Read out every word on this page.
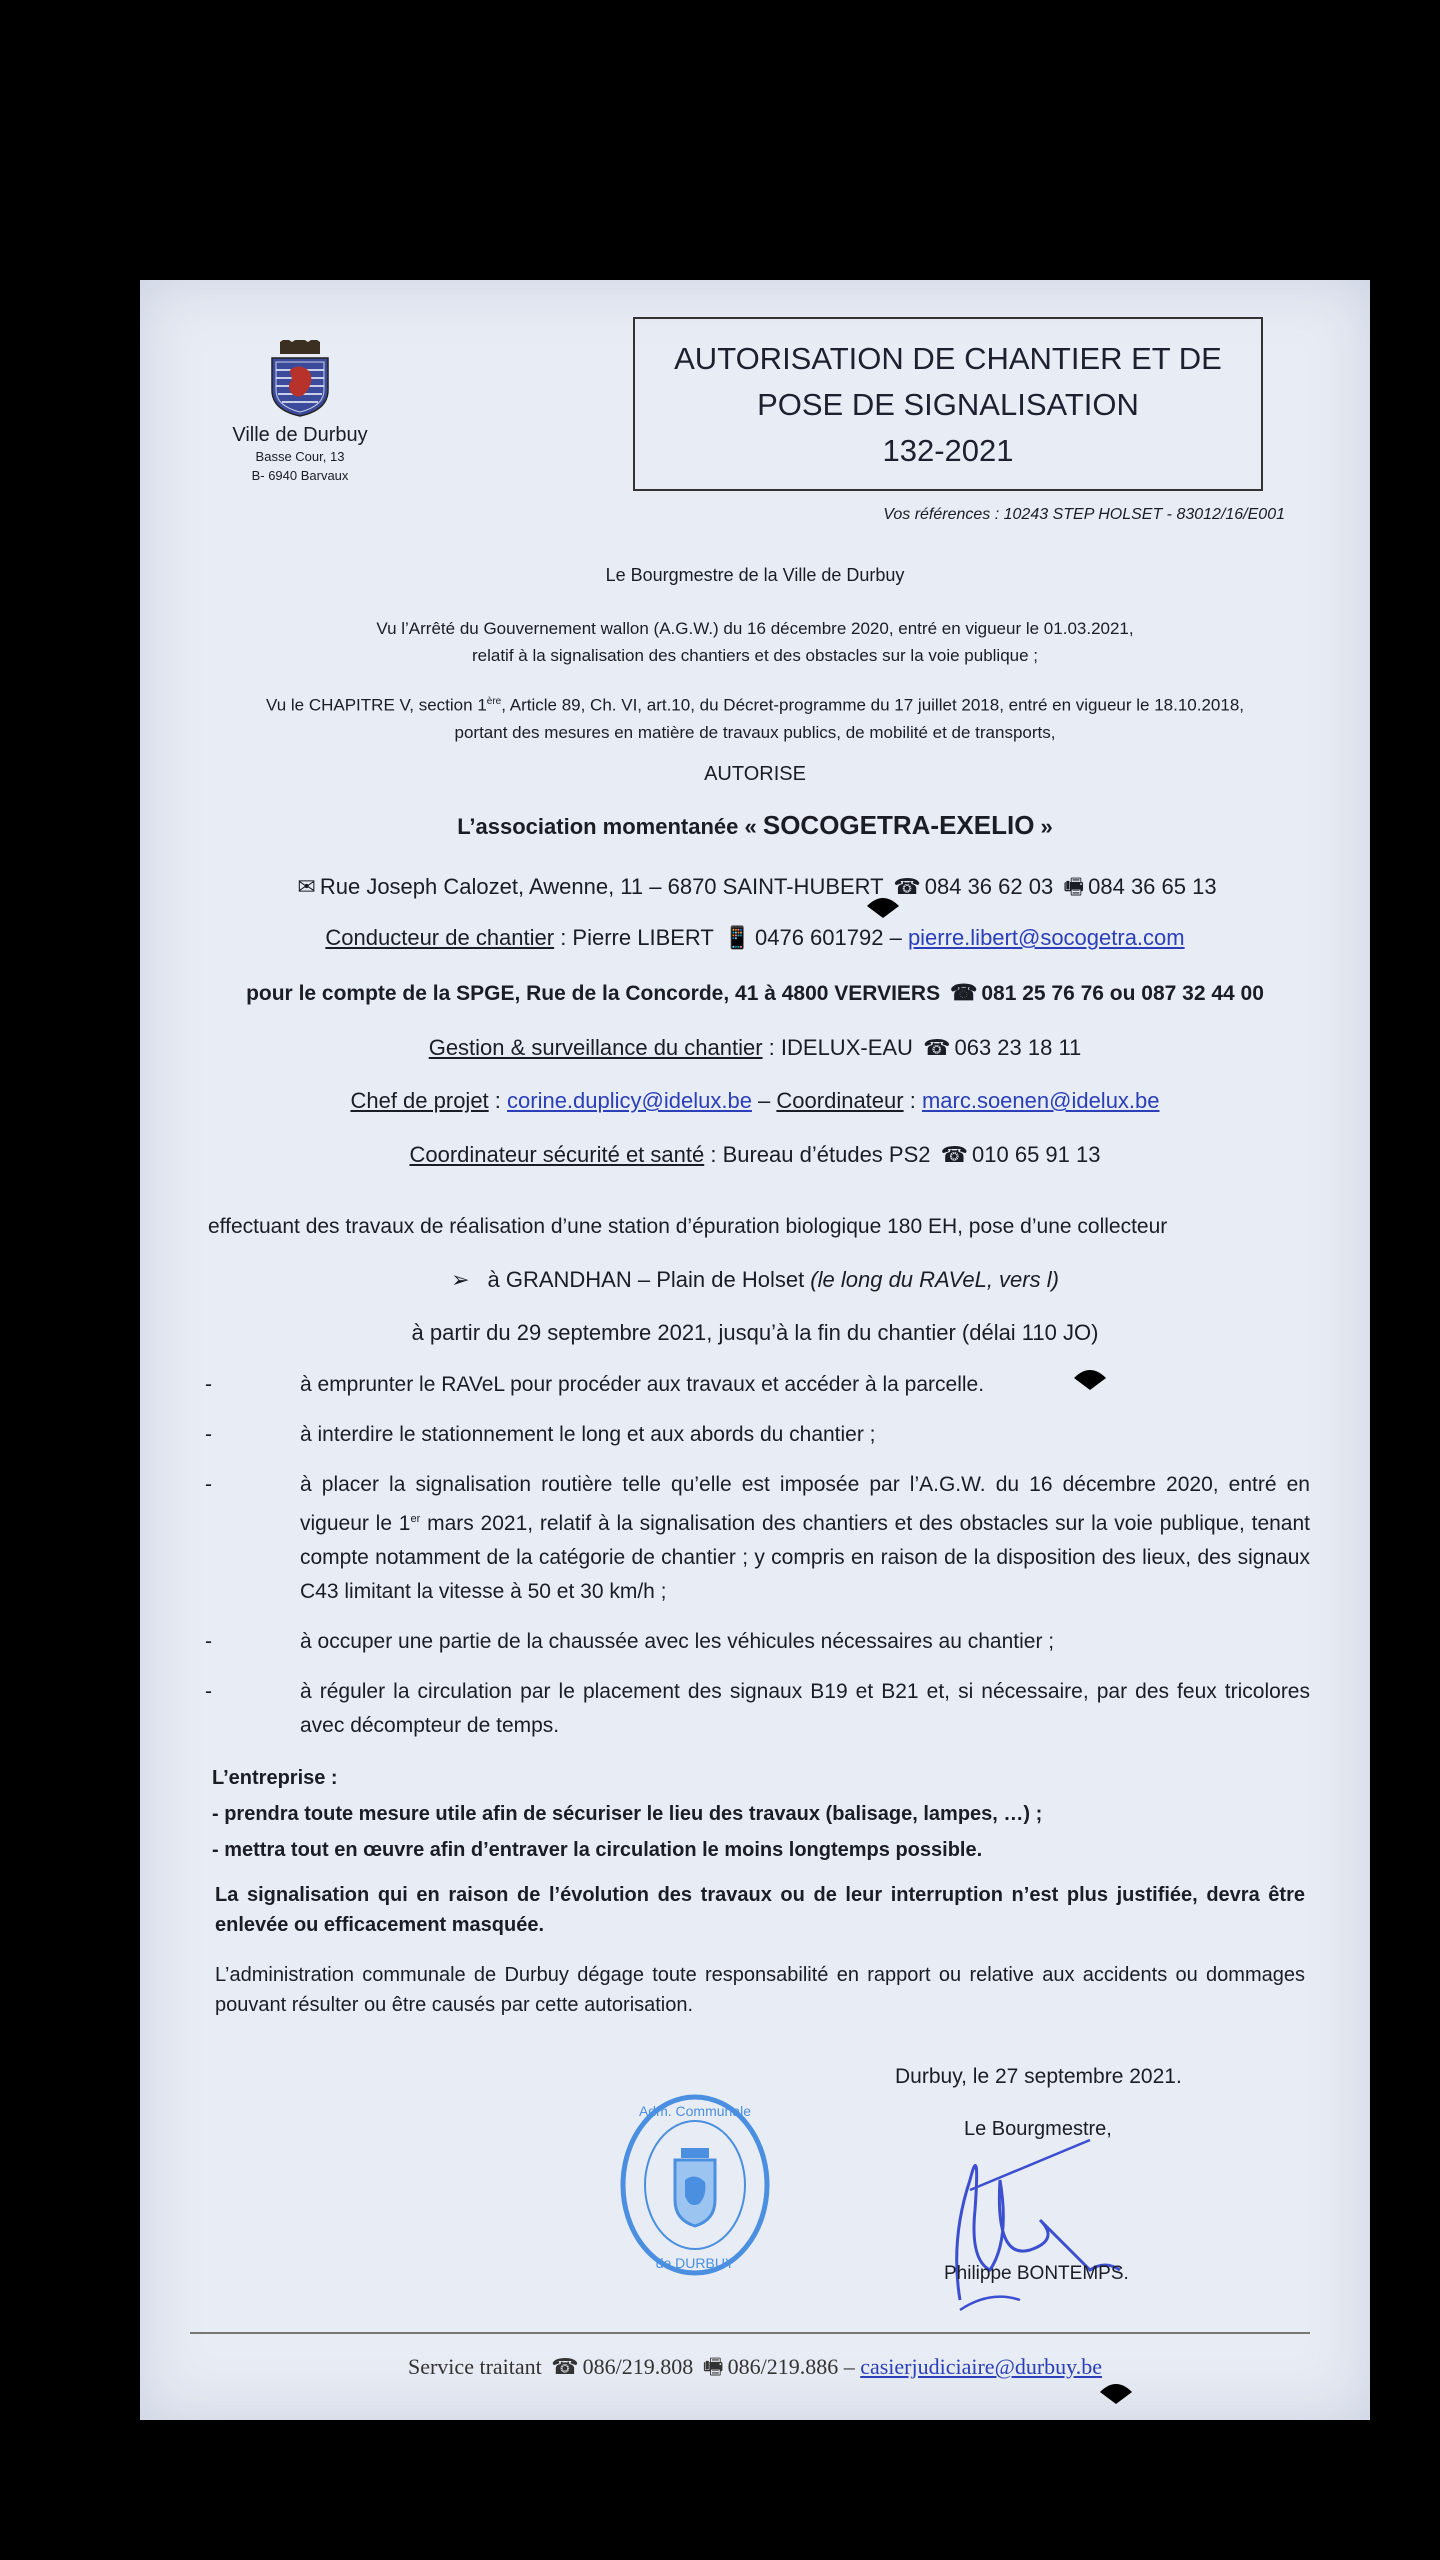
Ville de Durbuy
Basse Cour, 13
B- 6940 Barvaux
AUTORISATION DE CHANTIER ET DE
POSE DE SIGNALISATION
132-2021
Vos références : 10243 STEP HOLSET - 83012/16/E001
Le Bourgmestre de la Ville de Durbuy
Vu l’Arrêté du Gouvernement wallon (A.G.W.) du 16 décembre 2020, entré en vigueur le 01.03.2021,
relatif à la signalisation des chantiers et des obstacles sur la voie publique ;
Vu le CHAPITRE V, section 1ère, Article 89, Ch. VI, art.10, du Décret-programme du 17 juillet 2018, entré en vigueur le 18.10.2018,
portant des mesures en matière de travaux publics, de mobilité et de transports,
AUTORISE
L’association momentanée « SOCOGETRA-EXELIO »
✉ Rue Joseph Calozet, Awenne, 11 – 6870 SAINT-HUBERT ☎ 084 36 62 03 🖷 084 36 65 13
Conducteur de chantier : Pierre LIBERT 📱 0476 601792 – pierre.libert@socogetra.com
pour le compte de la SPGE, Rue de la Concorde, 41 à 4800 VERVIERS ☎ 081 25 76 76 ou 087 32 44 00
Gestion & surveillance du chantier : IDELUX-EAU ☎ 063 23 18 11
Chef de projet : corine.duplicy@idelux.be – Coordinateur : marc.soenen@idelux.be
Coordinateur sécurité et santé : Bureau d’études PS2 ☎ 010 65 91 13
effectuant des travaux de réalisation d’une station d’épuration biologique 180 EH, pose d’une collecteur
➢ à GRANDHAN – Plain de Holset (le long du RAVeL, vers l)
à partir du 29 septembre 2021, jusqu’à la fin du chantier (délai 110 JO)
-	à emprunter le RAVeL pour procéder aux travaux et accéder à la parcelle.
-	à interdire le stationnement le long et aux abords du chantier ;
-	à placer la signalisation routière telle qu’elle est imposée par l’A.G.W. du 16 décembre 2020, entré en vigueur le 1er mars 2021, relatif à la signalisation des chantiers et des obstacles sur la voie publique, tenant compte notamment de la catégorie de chantier ; y compris en raison de la disposition des lieux, des signaux C43 limitant la vitesse à 50 et 30 km/h ;
-	à occuper une partie de la chaussée avec les véhicules nécessaires au chantier ;
-	à réguler la circulation par le placement des signaux B19 et B21 et, si nécessaire, par des feux tricolores avec décompteur de temps.
L’entreprise :
- prendra toute mesure utile afin de sécuriser le lieu des travaux (balisage, lampes, …) ;
- mettra tout en œuvre afin d’entraver la circulation le moins longtemps possible.
La signalisation qui en raison de l’évolution des travaux ou de leur interruption n’est plus justifiée, devra être enlevée ou efficacement masquée.
L’administration communale de Durbuy dégage toute responsabilité en rapport ou relative aux accidents ou dommages pouvant résulter ou être causés par cette autorisation.
Durbuy, le 27 septembre 2021.
Le Bourgmestre,
Adm. Communale
de DURBUY	Philippe BONTEMPS.
Service traitant ☎ 086/219.808 🖷 086/219.886 – casierjudiciaire@durbuy.be
